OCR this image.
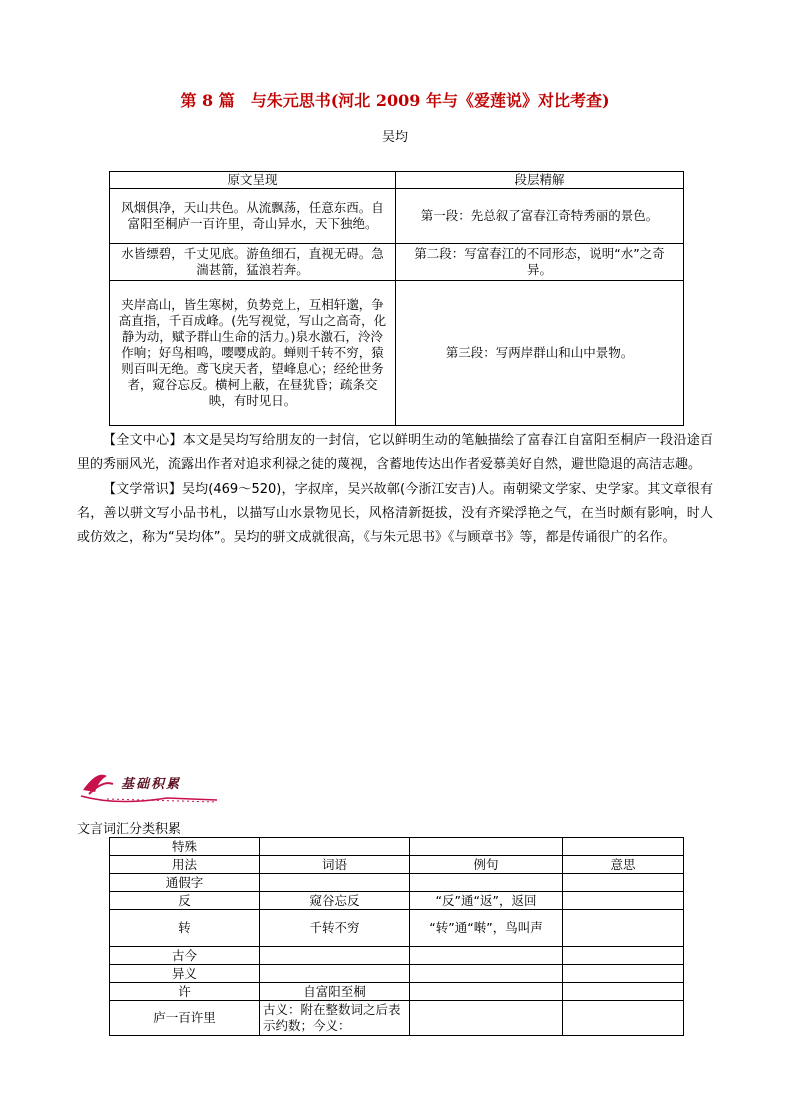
第 8 篇　与朱元思书(河北 2009 年与《爱莲说》对比考查)
吴均
原文呈现	段层精解
风烟俱净，天山共色。从流飘荡，任意东西。自富阳至桐庐一百许里，奇山异水，天下独绝。	第一段：先总叙了富春江奇特秀丽的景色。
水皆缥碧，千丈见底。游鱼细石，直视无碍。急湍甚箭，猛浪若奔。	第二段：写富春江的不同形态，说明“水”之奇异。
夹岸高山，皆生寒树，负势竞上，互相轩邈，争高直指，千百成峰。(先写视觉，写山之高奇，化静为动，赋予群山生命的活力。)泉水激石，泠泠作响；好鸟相鸣，嘤嘤成韵。蝉则千转不穷，猿则百叫无绝。鸢飞戾天者，望峰息心；经纶世务者，窥谷忘反。横柯上蔽，在昼犹昏；疏条交映，有时见日。	第三段：写两岸群山和山中景物。
【全文中心】本文是吴均写给朋友的一封信，它以鲜明生动的笔触描绘了富春江自富阳至桐庐一段沿途百里的秀丽风光，流露出作者对追求利禄之徒的蔑视，含蓄地传达出作者爱慕美好自然，避世隐退的高洁志趣。
【文学常识】吴均(469～520)，字叔庠，吴兴故鄣(今浙江安吉)人。南朝梁文学家、史学家。其文章很有名，善以骈文写小品书札，以描写山水景物见长，风格清新挺拔，没有齐梁浮艳之气，在当时颇有影响，时人或仿效之，称为“吴均体”。吴均的骈文成就很高，《与朱元思书》《与顾章书》等，都是传诵很广的名作。
基础积累
文言词汇分类积累
特殊			
用法	词语	例句	意思
通假字			
反	窥谷忘反	“反”通“返”，返回	
转	千转不穷	“转”通“啭”，鸟叫声	
古今			
异义			
许	自富阳至桐		
庐一百许里	古义：附在整数词之后表示约数；今义：		
